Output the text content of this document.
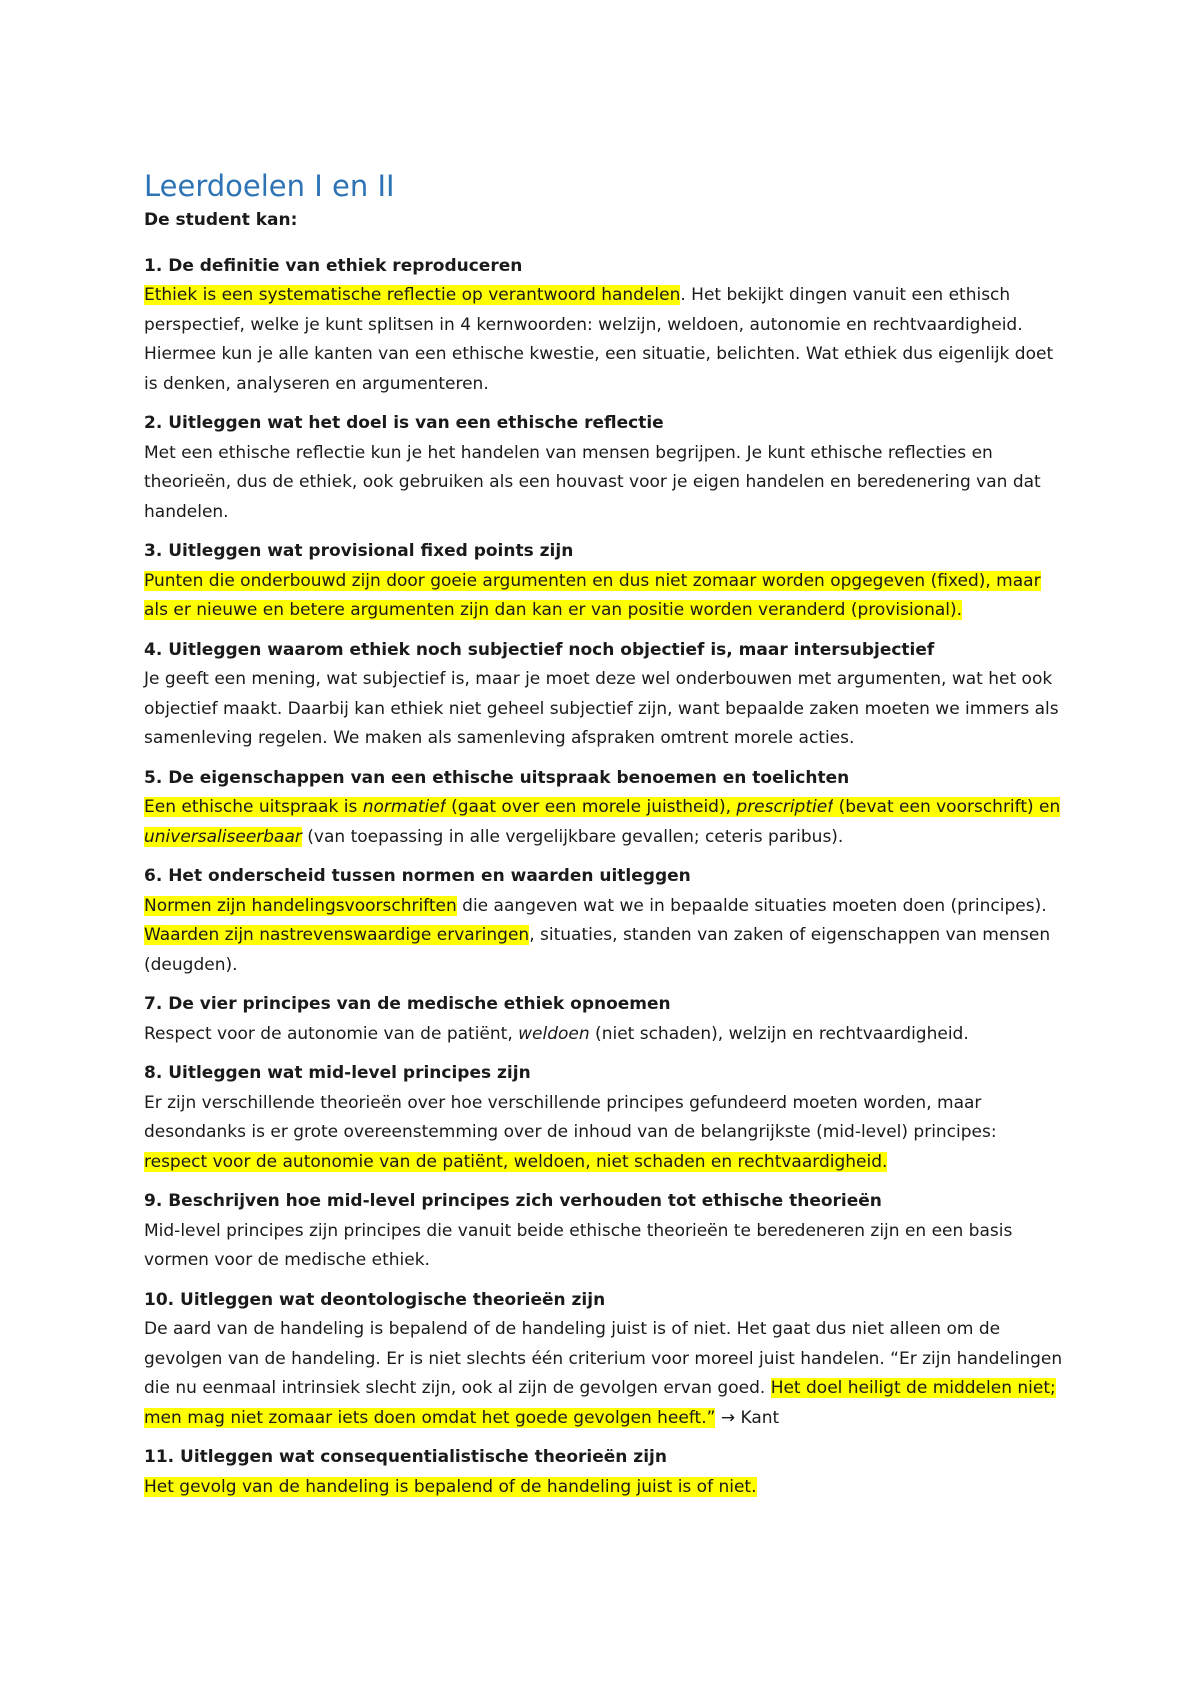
Leerdoelen I en II
De student kan:
1. De definitie van ethiek reproduceren

Ethiek is een systematische reflectie op verantwoord handelen. Het bekijkt dingen vanuit een ethisch perspectief, welke je kunt splitsen in 4 kernwoorden: welzijn, weldoen, autonomie en rechtvaardigheid. Hiermee kun je alle kanten van een ethische kwestie, een situatie, belichten. Wat ethiek dus eigenlijk doet is denken, analyseren en argumenteren.

2. Uitleggen wat het doel is van een ethische reflectie

Met een ethische reflectie kun je het handelen van mensen begrijpen. Je kunt ethische reflecties en theorieën, dus de ethiek, ook gebruiken als een houvast voor je eigen handelen en beredenering van dat handelen.

3. Uitleggen wat provisional fixed points zijn

Punten die onderbouwd zijn door goeie argumenten en dus niet zomaar worden opgegeven (fixed), maar als er nieuwe en betere argumenten zijn dan kan er van positie worden veranderd (provisional).

4. Uitleggen waarom ethiek noch subjectief noch objectief is, maar intersubjectief

Je geeft een mening, wat subjectief is, maar je moet deze wel onderbouwen met argumenten, wat het ook objectief maakt. Daarbij kan ethiek niet geheel subjectief zijn, want bepaalde zaken moeten we immers als samenleving regelen. We maken als samenleving afspraken omtrent morele acties.

5. De eigenschappen van een ethische uitspraak benoemen en toelichten

Een ethische uitspraak is normatief (gaat over een morele juistheid), prescriptief (bevat een voorschrift) en universaliseerbaar (van toepassing in alle vergelijkbare gevallen; ceteris paribus).

6. Het onderscheid tussen normen en waarden uitleggen

Normen zijn handelingsvoorschriften die aangeven wat we in bepaalde situaties moeten doen (principes). Waarden zijn nastrevenswaardige ervaringen, situaties, standen van zaken of eigenschappen van mensen (deugden).

7. De vier principes van de medische ethiek opnoemen

Respect voor de autonomie van de patiënt, weldoen (niet schaden), welzijn en rechtvaardigheid.

8. Uitleggen wat mid-level principes zijn

Er zijn verschillende theorieën over hoe verschillende principes gefundeerd moeten worden, maar desondanks is er grote overeenstemming over de inhoud van de belangrijkste (mid-level) principes: respect voor de autonomie van de patiënt, weldoen, niet schaden en rechtvaardigheid.

9. Beschrijven hoe mid-level principes zich verhouden tot ethische theorieën

Mid-level principes zijn principes die vanuit beide ethische theorieën te beredeneren zijn en een basis vormen voor de medische ethiek.

10. Uitleggen wat deontologische theorieën zijn

De aard van de handeling is bepalend of de handeling juist is of niet. Het gaat dus niet alleen om de gevolgen van de handeling. Er is niet slechts één criterium voor moreel juist handelen. “Er zijn handelingen die nu eenmaal intrinsiek slecht zijn, ook al zijn de gevolgen ervan goed. Het doel heiligt de middelen niet; men mag niet zomaar iets doen omdat het goede gevolgen heeft.” → Kant

11. Uitleggen wat consequentialistische theorieën zijn

Het gevolg van de handeling is bepalend of de handeling juist is of niet.
